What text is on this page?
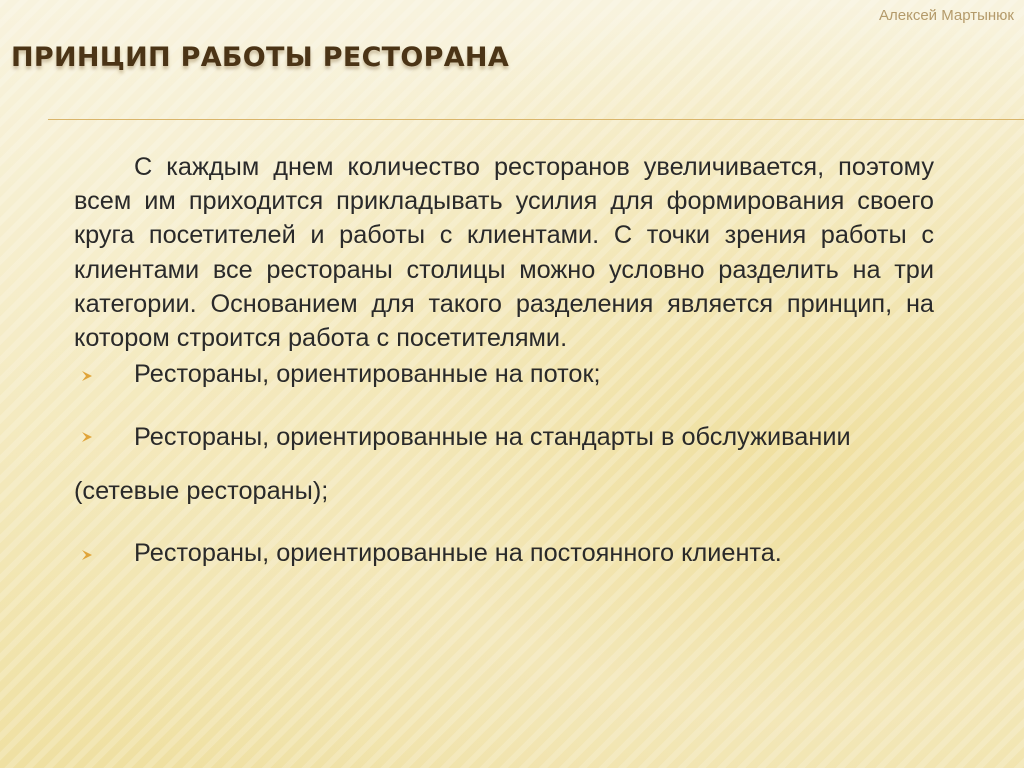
Алексей Мартынюк
ПРИНЦИП РАБОТЫ РЕСТОРАНА

С каждым днем количество ресторанов увеличивается, поэтому всем им приходится прикладывать усилия для формирования своего круга посетителей и работы с клиентами. С точки зрения работы с клиентами все рестораны столицы можно условно разделить на три категории. Основанием для такого разделения является принцип, на котором строится работа с посетителями.

Рестораны, ориентированные на поток;
Рестораны, ориентированные на стандарты в обслуживании (сетевые рестораны);
Рестораны, ориентированные на постоянного клиента.
